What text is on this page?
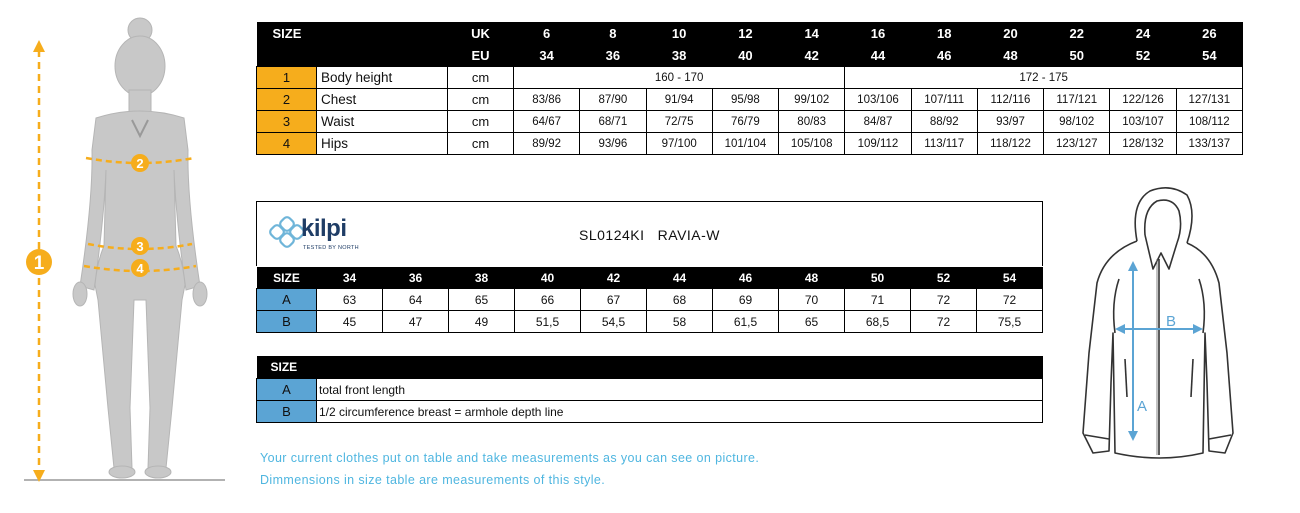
1
2
3
4
SIZE		UK	6	8	10	12	14	16	18	20	22	24	26
		EU	34	36	38	40	42	44	46	48	50	52	54
1	Body height	cm	160 - 170					172 - 175					
2	Chest	cm	83/86	87/90	91/94	95/98	99/102	103/106	107/111	112/116	117/121	122/126	127/131
3	Waist	cm	64/67	68/71	72/75	76/79	80/83	84/87	88/92	93/97	98/102	103/107	108/112
4	Hips	cm	89/92	93/96	97/100	101/104	105/108	109/112	113/117	118/122	123/127	128/132	133/137
kilpi
TESTED BY NORTH
SL0124KI RAVIA-W
SIZE	34	36	38	40	42	44	46	48	50	52	54
A	63	64	65	66	67	68	69	70	71	72	72
B	45	47	49	51,5	54,5	58	61,5	65	68,5	72	75,5
SIZE	
A	total front length
B	1/2 circumference breast = armhole depth line
Your current clothes put on table and take measurements as you can see on picture.
Dimmensions in size table are measurements of this style.
A
B
